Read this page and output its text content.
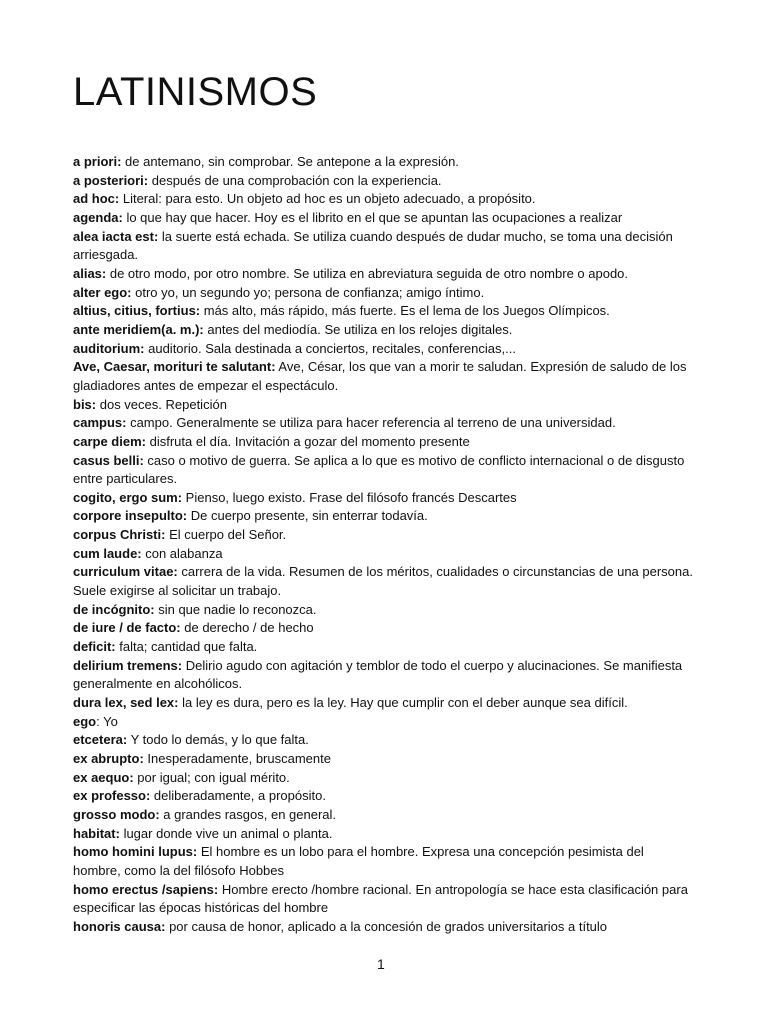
LATINISMOS

a priori: de antemano, sin comprobar. Se antepone a la expresión.

a posteriori: después de una comprobación con la experiencia.

ad hoc: Literal: para esto. Un objeto ad hoc es un objeto adecuado, a propósito.

agenda: lo que hay que hacer. Hoy es el librito en el que se apuntan las ocupaciones a realizar

alea iacta est: la suerte está echada. Se utiliza cuando después de dudar mucho, se toma una decisión arriesgada.

alias: de otro modo, por otro nombre. Se utiliza en abreviatura seguida de otro nombre o apodo.

alter ego: otro yo, un segundo yo; persona de confianza; amigo íntimo.

altius, citius, fortius: más alto, más rápido, más fuerte. Es el lema de los Juegos Olímpicos.

ante meridiem(a. m.): antes del mediodía. Se utiliza en los relojes digitales.

auditorium: auditorio. Sala destinada a conciertos, recitales, conferencias,...

Ave, Caesar, morituri te salutant: Ave, César, los que van a morir te saludan. Expresión de saludo de los gladiadores antes de empezar el espectáculo.

bis: dos veces. Repetición

campus: campo. Generalmente se utiliza para hacer referencia al terreno de una universidad.

carpe diem: disfruta el día. Invitación a gozar del momento presente

casus belli: caso o motivo de guerra. Se aplica a lo que es motivo de conflicto internacional o de disgusto entre particulares.

cogito, ergo sum: Pienso, luego existo. Frase del filósofo francés Descartes

corpore insepulto: De cuerpo presente, sin enterrar todavía.

corpus Christi: El cuerpo del Señor.

cum laude: con alabanza

curriculum vitae: carrera de la vida. Resumen de los méritos, cualidades o circunstancias de una persona. Suele exigirse al solicitar un trabajo.

de incógnito: sin que nadie lo reconozca.

de iure / de facto: de derecho / de hecho

deficit: falta; cantidad que falta.

delirium tremens: Delirio agudo con agitación y temblor de todo el cuerpo y alucinaciones. Se manifiesta generalmente en alcohólicos.

dura lex, sed lex: la ley es dura, pero es la ley. Hay que cumplir con el deber aunque sea difícil.

ego: Yo

etcetera: Y todo lo demás, y lo que falta.

ex abrupto: Inesperadamente, bruscamente

ex aequo: por igual; con igual mérito.

ex professo: deliberadamente, a propósito.

grosso modo: a grandes rasgos, en general.

habitat: lugar donde vive un animal o planta.

homo homini lupus: El hombre es un lobo para el hombre. Expresa una concepción pesimista del hombre, como la del filósofo Hobbes

homo erectus /sapiens: Hombre erecto /hombre racional. En antropología se hace esta clasificación para especificar las épocas históricas del hombre

honoris causa: por causa de honor, aplicado a la concesión de grados universitarios a título

1
